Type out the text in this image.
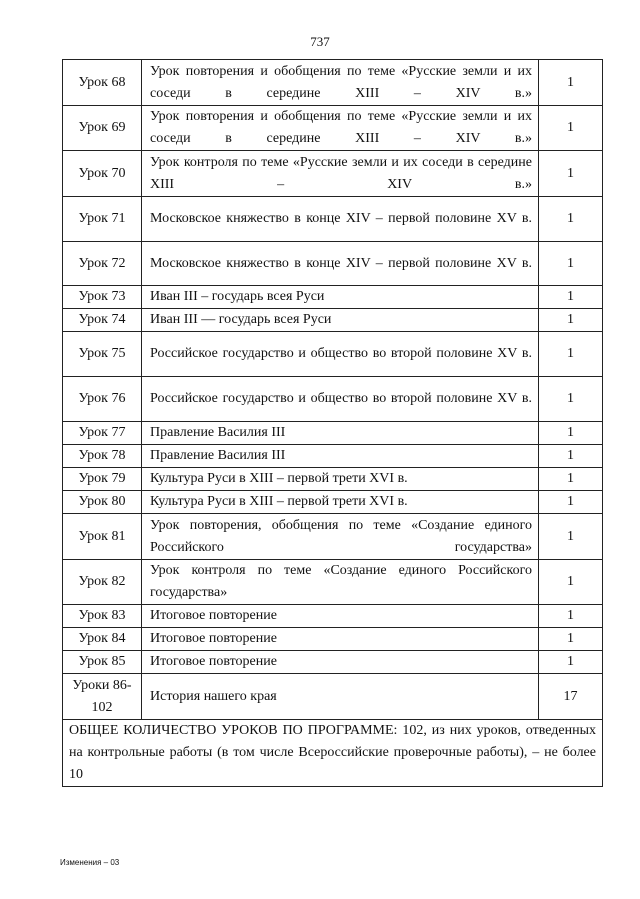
737
Урок 68	Урок повторения и обобщения по теме «Русские земли и их соседи в середине XIII – XIV в.»	1
Урок 69	Урок повторения и обобщения по теме «Русские земли и их соседи в середине XIII – XIV в.»	1
Урок 70	Урок контроля по теме «Русские земли и их соседи в середине XIII – XIV в.»	1
Урок 71	Московское княжество в конце XIV – первой половине XV в.	1
Урок 72	Московское княжество в конце XIV – первой половине XV в.	1
Урок 73	Иван III – государь всея Руси	1
Урок 74	Иван III — государь всея Руси	1
Урок 75	Российское государство и общество во второй половине XV в.	1
Урок 76	Российское государство и общество во второй половине XV в.	1
Урок 77	Правление Василия III	1
Урок 78	Правление Василия III	1
Урок 79	Культура Руси в XIII – первой трети XVI в.	1
Урок 80	Культура Руси в XIII – первой трети XVI в.	1
Урок 81	Урок повторения, обобщения по теме «Создание единого Российского государства»	1
Урок 82	Урок контроля по теме «Создание единого Российского государства»	1
Урок 83	Итоговое повторение	1
Урок 84	Итоговое повторение	1
Урок 85	Итоговое повторение	1
Уроки 86-102	История нашего края	17
ОБЩЕЕ КОЛИЧЕСТВО УРОКОВ ПО ПРОГРАММЕ: 102, из них уроков, отведенных на контрольные работы (в том числе Всероссийские проверочные работы), – не более 10		
Изменения – 03
